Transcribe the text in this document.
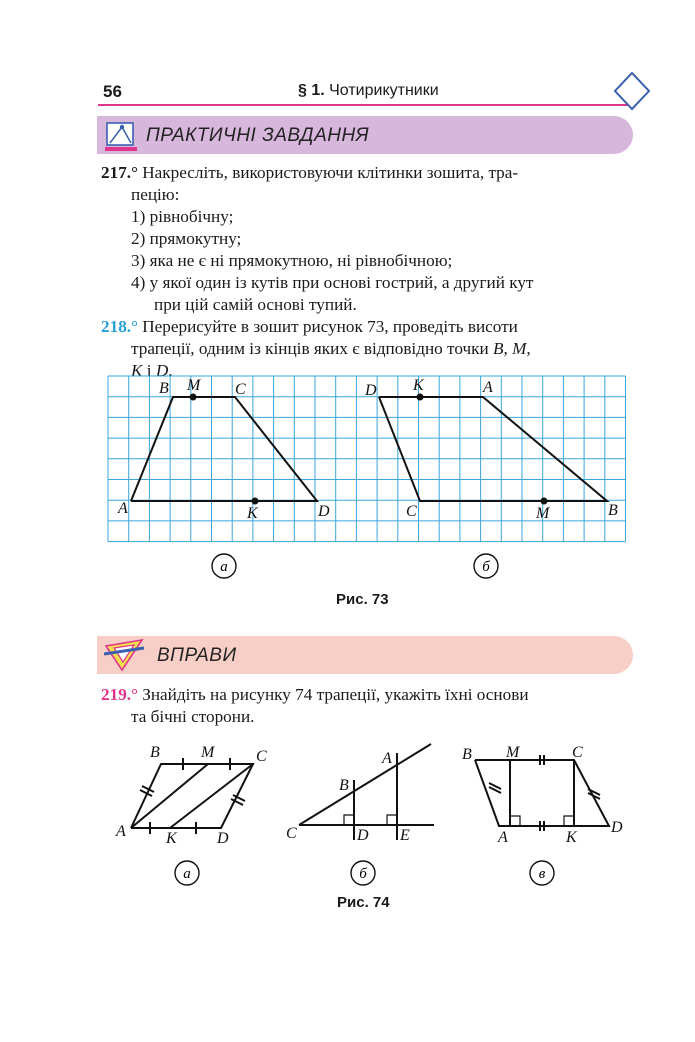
56	§ 1. Чотирикутники
ПРАКТИЧНІ ЗАВДАННЯ
217.° Накресліть, використовуючи клітинки зошита, тра-
пецію:
1) рівнобічну;
2) прямокутну;
3) яка не є ні прямокутною, ні рівнобічною;
4) у якої один із кутів при основі гострий, а другий кут
при цій самій основі тупий.
218.° Перерисуйте в зошит рисунок 73, проведіть висоти
трапеції, одним із кінців яких є відповідно точки B, M,
K і D.
B M C
A	K	D
D K	A
C	M	B
а	б
Рис. 73
ВПРАВИ
219.° Знайдіть на рисунку 74 трапеції, укажіть їхні основи
та бічні сторони.
B	M	C
A	K	D
A
B
C	D E
B M	C
A	K
D
а	б	в
Рис. 74
